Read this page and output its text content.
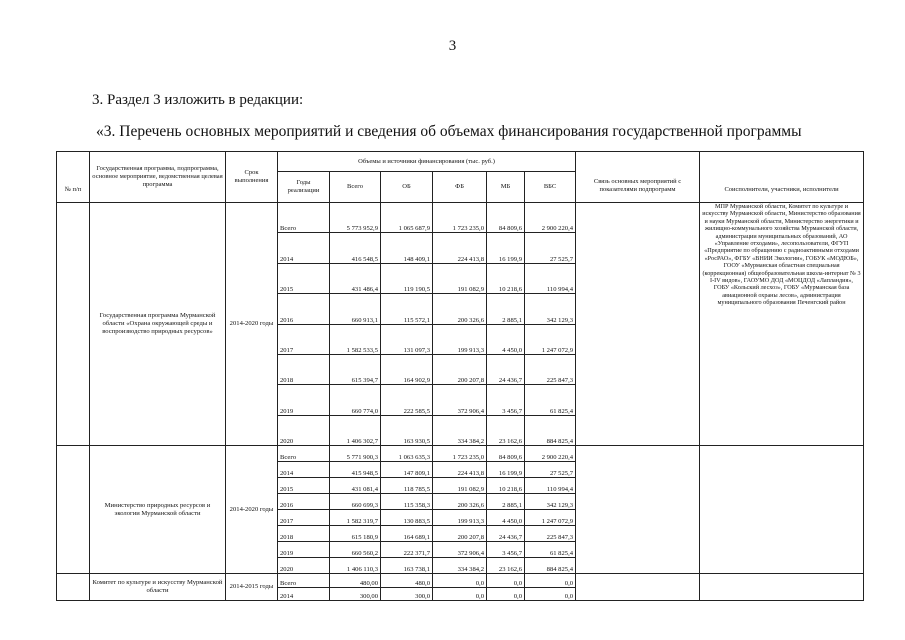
3
3. Раздел 3 изложить в редакции:
«3. Перечень основных мероприятий и сведения об объемах финансирования государственной программы
№ п/п	Государственная программа, подпрограмма, основное мероприятие, ведомственная целевая программа	Срок выполнения	Объемы и источники финансирования (тыс. руб.)						Связь основных мероприятий с показателями подпрограмм	Соисполнители, участники, исполнители
			Годы реализации	Всего	ОБ	ФБ	МБ	ВБС		
	Государственная программа Мурманской области «Охрана окружающей среды и воспроизводство природных ресурсов»	2014-2020 годы	Всего	5 773 952,9	1 065 687,9	1 723 235,0	84 809,6	2 900 220,4		МПР Мурманской области, Комитет по культуре и искусству Мурманской области, Министерство образования и науки Мурманской области, Министерство энергетики и жилищно-коммунального хозяйства Мурманской области, администрации муниципальных образований, АО «Управление отходами», лесопользователи, ФГУП «Предприятие по обращению с радиоактивными отходами «РосРАО», ФГБУ «ВНИИ Экологии», ГОБУК «МОДЮБ», ГООУ «Мурманская областная специальная (коррекционная) общеобразовательная школа-интернат № 3 I-IV видов», ГАОУМО ДОД «МОЦДОД «Лапландия», ГОБУ «Кольский лесхоз», ГОБУ «Мурманская база авиационной охраны лесов», администрация муниципального образования Печенгский район
			2014	416 548,5	148 409,1	224 413,8	16 199,9	27 525,7		
			2015	431 486,4	119 190,5	191 082,9	10 218,6	110 994,4		
			2016	660 913,1	115 572,1	200 326,6	2 885,1	342 129,3		
			2017	1 582 533,5	131 097,3	199 913,3	4 450,0	1 247 072,9		
			2018	615 394,7	164 902,9	200 207,8	24 436,7	225 847,3		
			2019	660 774,0	222 585,5	372 906,4	3 456,7	61 825,4		
			2020	1 406 302,7	163 930,5	334 384,2	23 162,6	884 825,4		
	Министерство природных ресурсов и экологии Мурманской области	2014-2020 годы	Всего	5 771 900,3	1 063 635,3	1 723 235,0	84 809,6	2 900 220,4		
			2014	415 948,5	147 809,1	224 413,8	16 199,9	27 525,7		
			2015	431 081,4	118 785,5	191 082,9	10 218,6	110 994,4		
			2016	660 699,3	115 358,3	200 326,6	2 885,1	342 129,3		
			2017	1 582 319,7	130 883,5	199 913,3	4 450,0	1 247 072,9		
			2018	615 180,9	164 689,1	200 207,8	24 436,7	225 847,3		
			2019	660 560,2	222 371,7	372 906,4	3 456,7	61 825,4		
			2020	1 406 110,3	163 738,1	334 384,2	23 162,6	884 825,4		
	Комитет по культуре и искусству Мурманской области	2014-2015 годы	Всего	480,00	480,0	0,0	0,0	0,0		
			2014	300,00	300,0	0,0	0,0	0,0		
